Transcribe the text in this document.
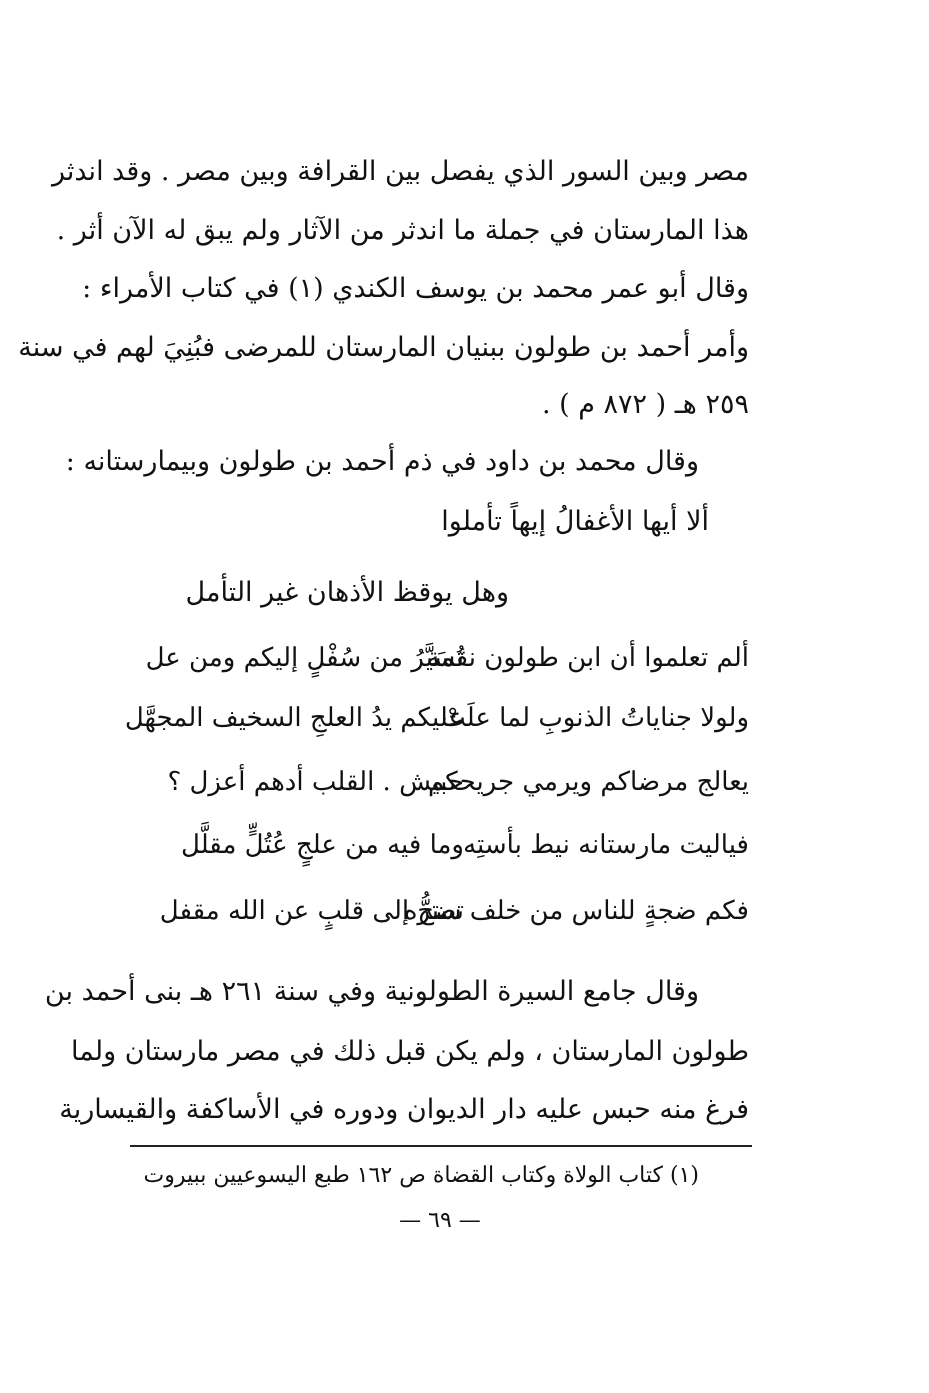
مصر وبين السور الذي يفصل بين القرافة وبين مصر . وقد اندثر
هذا المارستان في جملة ما اندثر من الآثار ولم يبق له الآن أثر .
وقال أبو عمر محمد بن يوسف الكندي (١) في كتاب الأمراء :
وأمر أحمد بن طولون ببنيان المارستان للمرضى فبُنِيَ لهم في سنة
٢٥٩ هـ ( ٨٧٢ م ) .
وقال محمد بن داود في ذم أحمد بن طولون وبيمارستانه :
ألا أيها الأغفالُ إيهاً تأملوا
وهل يوقظ الأذهان غير التأمل
ألم تعلموا أن ابن طولون نقمة
تُسَيَّرُ من سُفْلٍ إليكم ومن عل
ولولا جناياتُ الذنوبِ لما علَتْ
عليكم يدُ العلجِ السخيف المجهَّل
يعالج مرضاكم ويرمي جريحكم
حبيش . القلب أدهم أعزل ؟
فياليت مارستانه نيط بأستِه
وما فيه من علجٍ عُتُلٍّ مقلَّل
فكم ضجةٍ للناس من خلف ستره
تضجُّ إلى قلبٍ عن الله مقفل
وقال جامع السيرة الطولونية وفي سنة ٢٦١ هـ بنى أحمد بن
طولون المارستان ، ولم يكن قبل ذلك في مصر مارستان ولما
فرغ منه حبس عليه دار الديوان ودوره في الأساكفة والقيسارية
(١) كتاب الولاة وكتاب القضاة ص ١٦٢ طبع اليسوعيين ببيروت
— ٦٩ —
